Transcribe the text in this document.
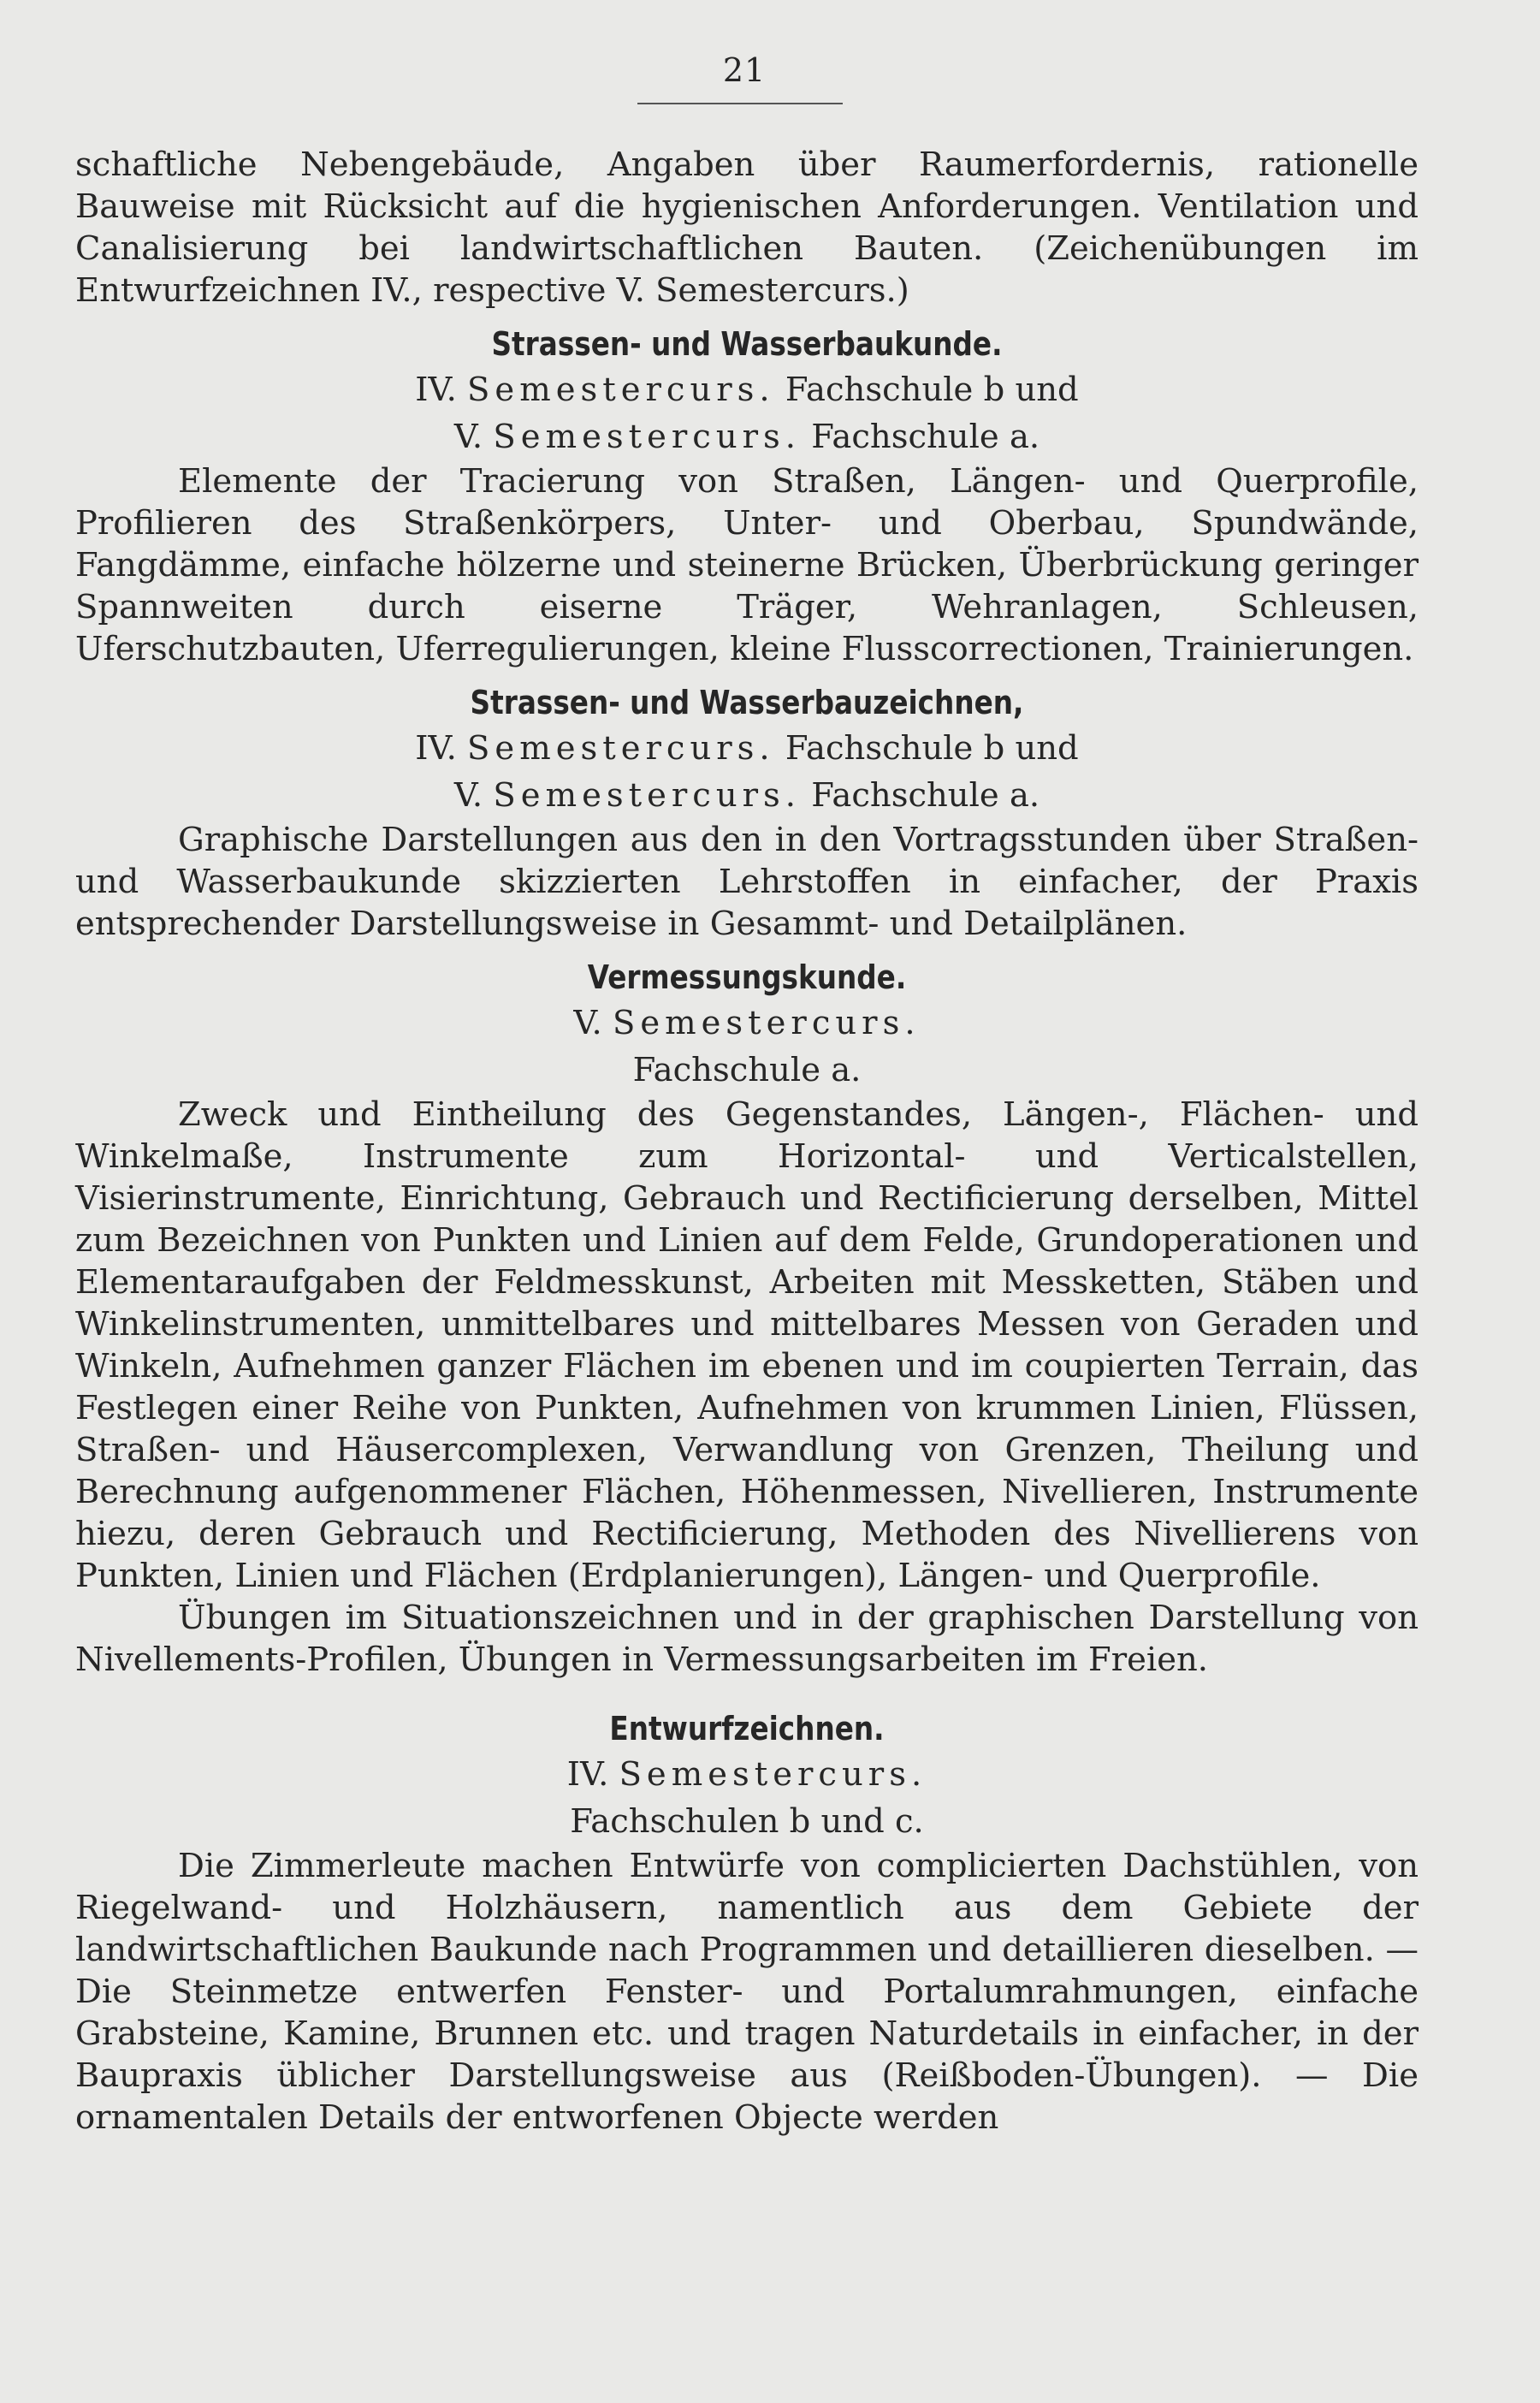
21

schaftliche Nebengebäude, Angaben über Raumerfordernis, rationelle Bauweise mit Rücksicht auf die hygienischen Anforderungen. Ventilation und Canalisierung bei landwirtschaftlichen Bauten. (Zeichenübungen im Entwurfzeichnen IV., respective V. Semestercurs.)

Strassen- und Wasserbaukunde.

IV. Semestercurs. Fachschule b und

V. Semestercurs. Fachschule a.

Elemente der Tracierung von Straßen, Längen- und Querprofile, Profilieren des Straßenkörpers, Unter- und Oberbau, Spundwände, Fangdämme, einfache hölzerne und steinerne Brücken, Überbrückung geringer Spannweiten durch eiserne Träger, Wehranlagen, Schleusen, Uferschutzbauten, Uferregulierungen, kleine Flusscorrectionen, Trainierungen.

Strassen- und Wasserbauzeichnen,

IV. Semestercurs. Fachschule b und

V. Semestercurs. Fachschule a.

Graphische Darstellungen aus den in den Vortragsstunden über Straßen- und Wasserbaukunde skizzierten Lehrstoffen in einfacher, der Praxis entsprechender Darstellungsweise in Gesammt- und Detailplänen.

Vermessungskunde.

V. Semestercurs.

Fachschule a.

Zweck und Eintheilung des Gegenstandes, Längen-, Flächen- und Winkelmaße, Instrumente zum Horizontal- und Verticalstellen, Visierinstrumente, Einrichtung, Gebrauch und Rectificierung derselben, Mittel zum Bezeichnen von Punkten und Linien auf dem Felde, Grundoperationen und Elementaraufgaben der Feldmesskunst, Arbeiten mit Messketten, Stäben und Winkelinstrumenten, unmittelbares und mittelbares Messen von Geraden und Winkeln, Aufnehmen ganzer Flächen im ebenen und im coupierten Terrain, das Festlegen einer Reihe von Punkten, Aufnehmen von krummen Linien, Flüssen, Straßen- und Häusercomplexen, Verwandlung von Grenzen, Theilung und Berechnung aufgenommener Flächen, Höhenmessen, Nivellieren, Instrumente hiezu, deren Gebrauch und Rectificierung, Methoden des Nivellierens von Punkten, Linien und Flächen (Erdplanierungen), Längen- und Querprofile.

Übungen im Situationszeichnen und in der graphischen Darstellung von Nivellements-Profilen, Übungen in Vermessungsarbeiten im Freien.

Entwurfzeichnen.

IV. Semestercurs.

Fachschulen b und c.

Die Zimmerleute machen Entwürfe von complicierten Dachstühlen, von Riegelwand- und Holzhäusern, namentlich aus dem Gebiete der landwirtschaftlichen Baukunde nach Programmen und detaillieren dieselben. — Die Steinmetze entwerfen Fenster- und Portalumrahmungen, einfache Grabsteine, Kamine, Brunnen etc. und tragen Naturdetails in einfacher, in der Baupraxis üblicher Darstellungsweise aus (Reißboden-Übungen). — Die ornamentalen Details der entworfenen Objecte werden
